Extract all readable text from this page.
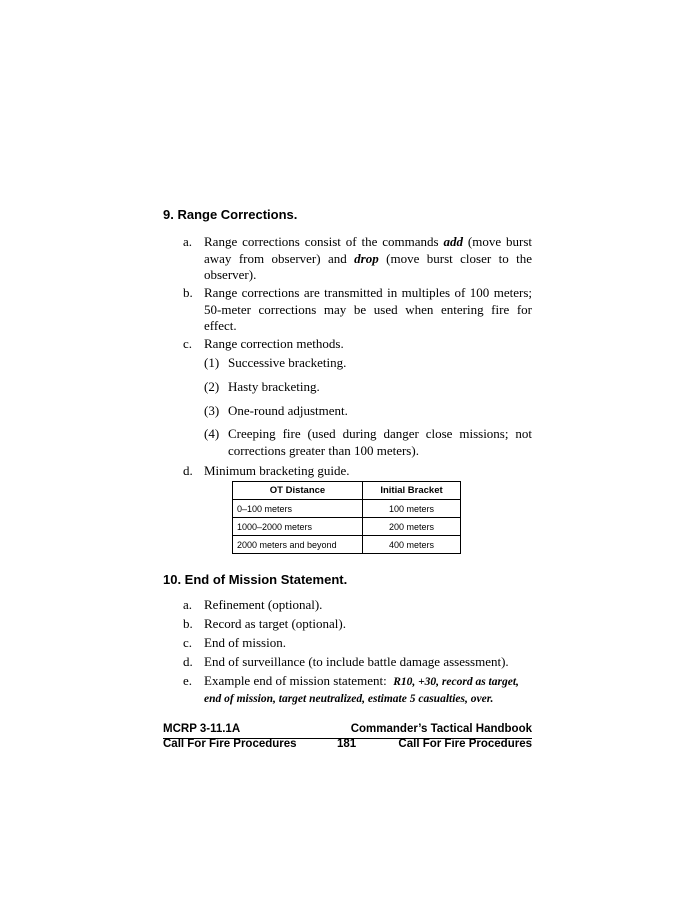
9. Range Corrections.
a. Range corrections consist of the commands add (move burst away from observer) and drop (move burst closer to the observer).
b. Range corrections are transmitted in multiples of 100 meters; 50-meter corrections may be used when entering fire for effect.
c. Range correction methods.
(1) Successive bracketing.
(2) Hasty bracketing.
(3) One-round adjustment.
(4) Creeping fire (used during danger close missions; not corrections greater than 100 meters).
d. Minimum bracketing guide.
OT Distance	Initial Bracket
0–100 meters	100 meters
1000–2000 meters	200 meters
2000 meters and beyond	400 meters
10. End of Mission Statement.
a. Refinement (optional).
b. Record as target (optional).
c. End of mission.
d. End of surveillance (to include battle damage assessment).
e. Example end of mission statement: R10, +30, record as target, end of mission, target neutralized, estimate 5 casualties, over.
MCRP 3-11.1A	Commander’s Tactical Handbook
Call For Fire Procedures	181	Call For Fire Procedures
